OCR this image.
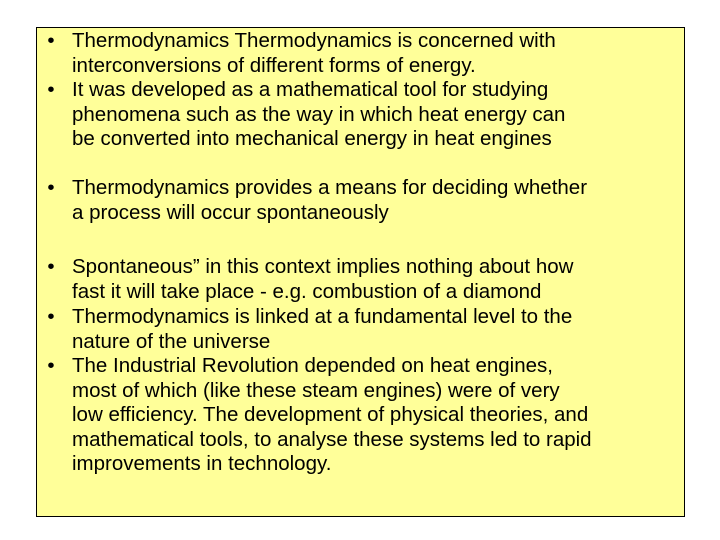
• Thermodynamics Thermodynamics is concerned with
interconversions of different forms of energy.
• It was developed as a mathematical tool for studying
phenomena such as the way in which heat energy can
be converted into mechanical energy in heat engines
• Thermodynamics provides a means for deciding whether
a process will occur spontaneously
• Spontaneous” in this context implies nothing about how
fast it will take place - e.g. combustion of a diamond
• Thermodynamics is linked at a fundamental level to the
nature of the universe
• The Industrial Revolution depended on heat engines,
most of which (like these steam engines) were of very
low efficiency. The development of physical theories, and
mathematical tools, to analyse these systems led to rapid
improvements in technology.
